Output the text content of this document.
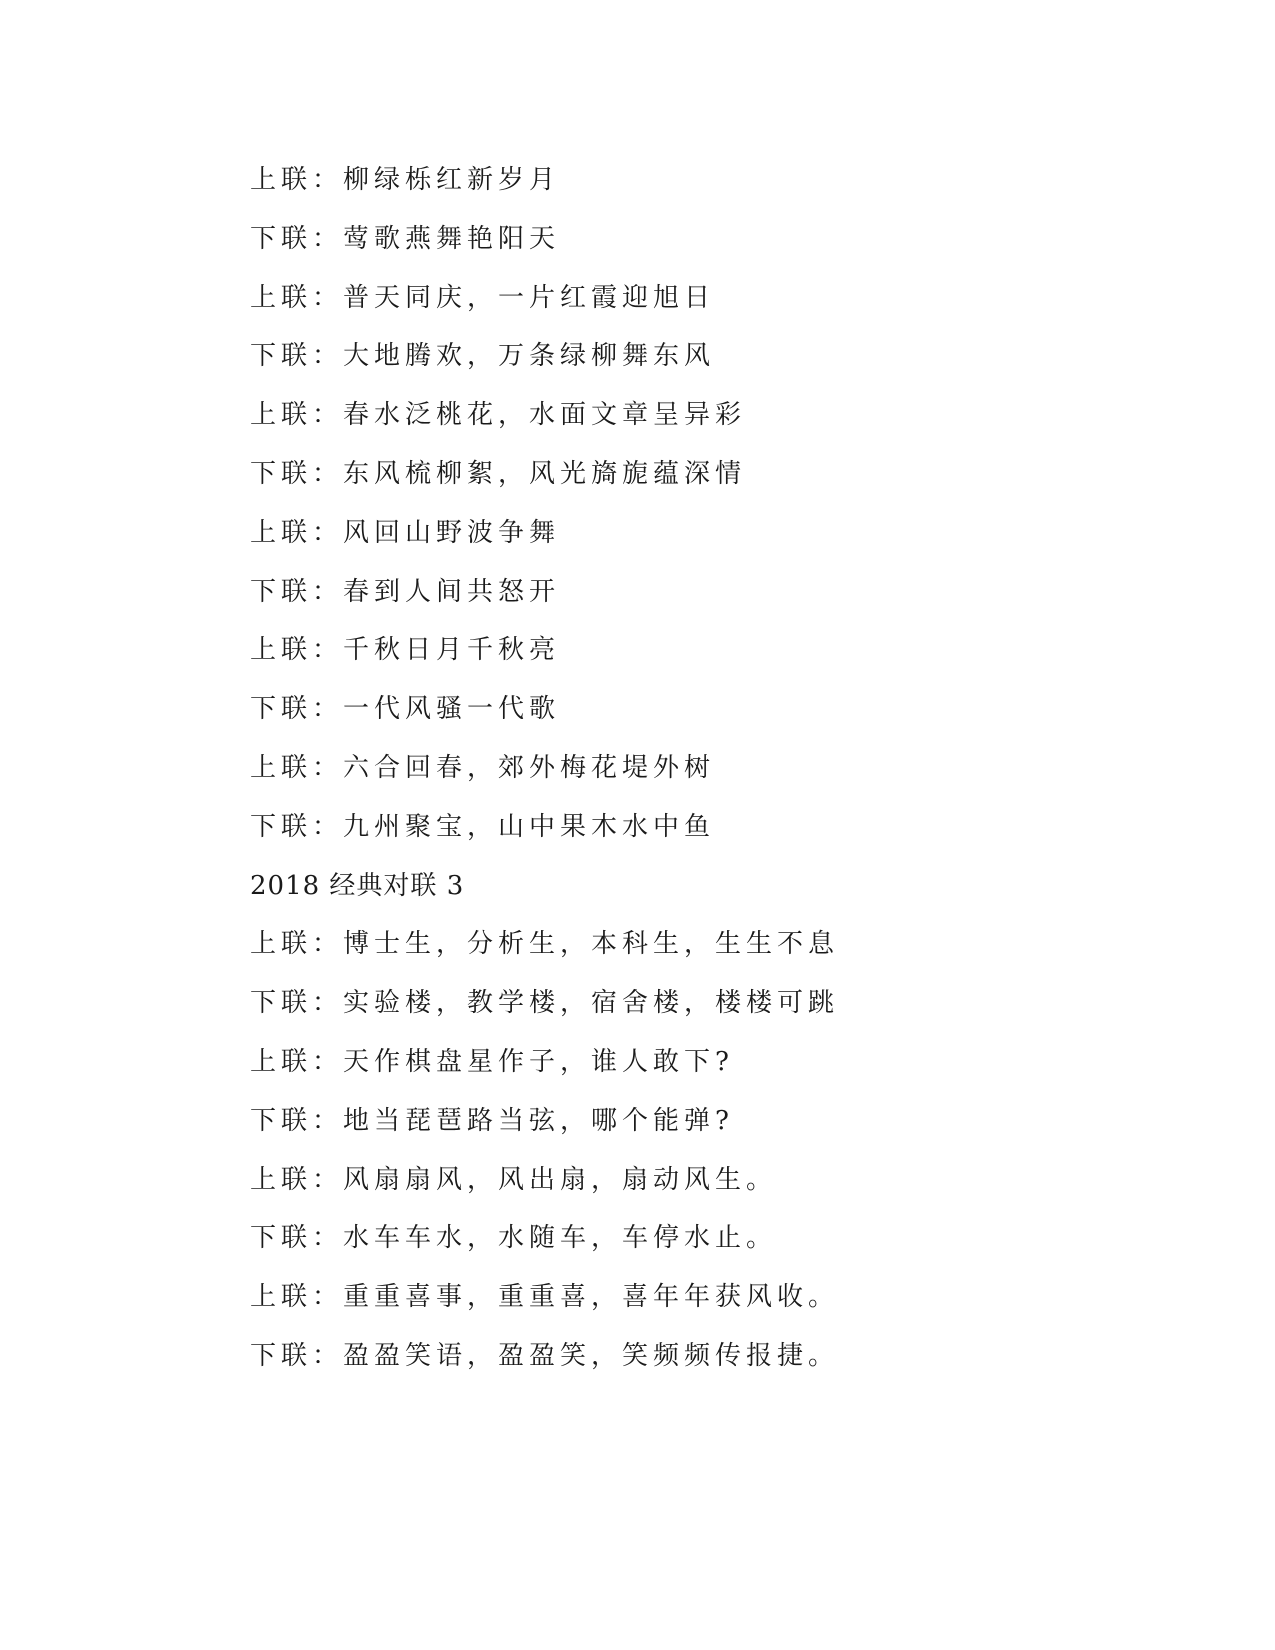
上联：柳绿栎红新岁月
下联：莺歌燕舞艳阳天
上联：普天同庆，一片红霞迎旭日
下联：大地腾欢，万条绿柳舞东风
上联：春水泛桃花，水面文章呈异彩
下联：东风梳柳絮，风光旖旎蕴深情
上联：风回山野波争舞
下联：春到人间共怒开
上联：千秋日月千秋亮
下联：一代风骚一代歌
上联：六合回春，郊外梅花堤外树
下联：九州聚宝，山中果木水中鱼
2018 经典对联 3
上联：博士生，分析生，本科生，生生不息
下联：实验楼，教学楼，宿舍楼，楼楼可跳
上联：天作棋盘星作子，谁人敢下?
下联：地当琵琶路当弦，哪个能弹?
上联：风扇扇风，风出扇，扇动风生。
下联：水车车水，水随车，车停水止。
上联：重重喜事，重重喜，喜年年获风收。
下联：盈盈笑语，盈盈笑，笑频频传报捷。
